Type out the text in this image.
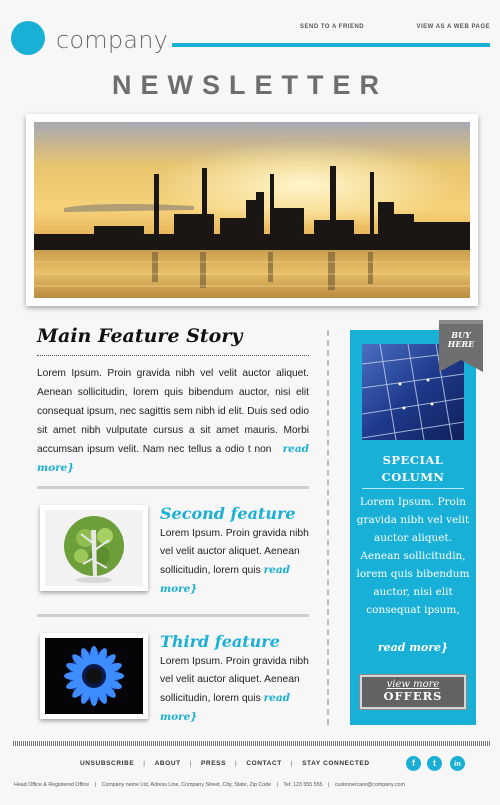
company	SEND TO A FRIEND	VIEW AS A WEB PAGE
NEWSLETTER
Main Feature Story
Lorem Ipsum. Proin gravida nibh vel velit auctor aliquet. Aenean sollicitudin, lorem quis bibendum auctor, nisi elit consequat ipsum, nec sagittis sem nibh id elit. Duis sed odio sit amet nibh vulputate cursus a sit amet mauris. Morbi accumsan ipsum velit. Nam nec tellus a odio t non read more}
Second feature
Lorem Ipsum. Proin gravida nibh vel velit auctor aliquet. Aenean sollicitudin, lorem quis read more}
Third feature
Lorem Ipsum. Proin gravida nibh vel velit auctor aliquet. Aenean sollicitudin, lorem quis read more}
SPECIAL
COLUMN
Lorem Ipsum. Proin gravida nibh vel velit auctor aliquet. Aenean sollicitudin, lorem quis bibendum auctor, nisi elit consequat ipsum,
read more}
view more
OFFERS
BUY
HERE
UNSUBSCRIBE | ABOUT | PRESS | CONTACT | STAY CONNECTED	f	t	in
Head Office & Registered Office | Company name Ltd, Adress Line, Company Street, City, State, Zip Code | Tel: 123 555 555 | customercare@company.com
